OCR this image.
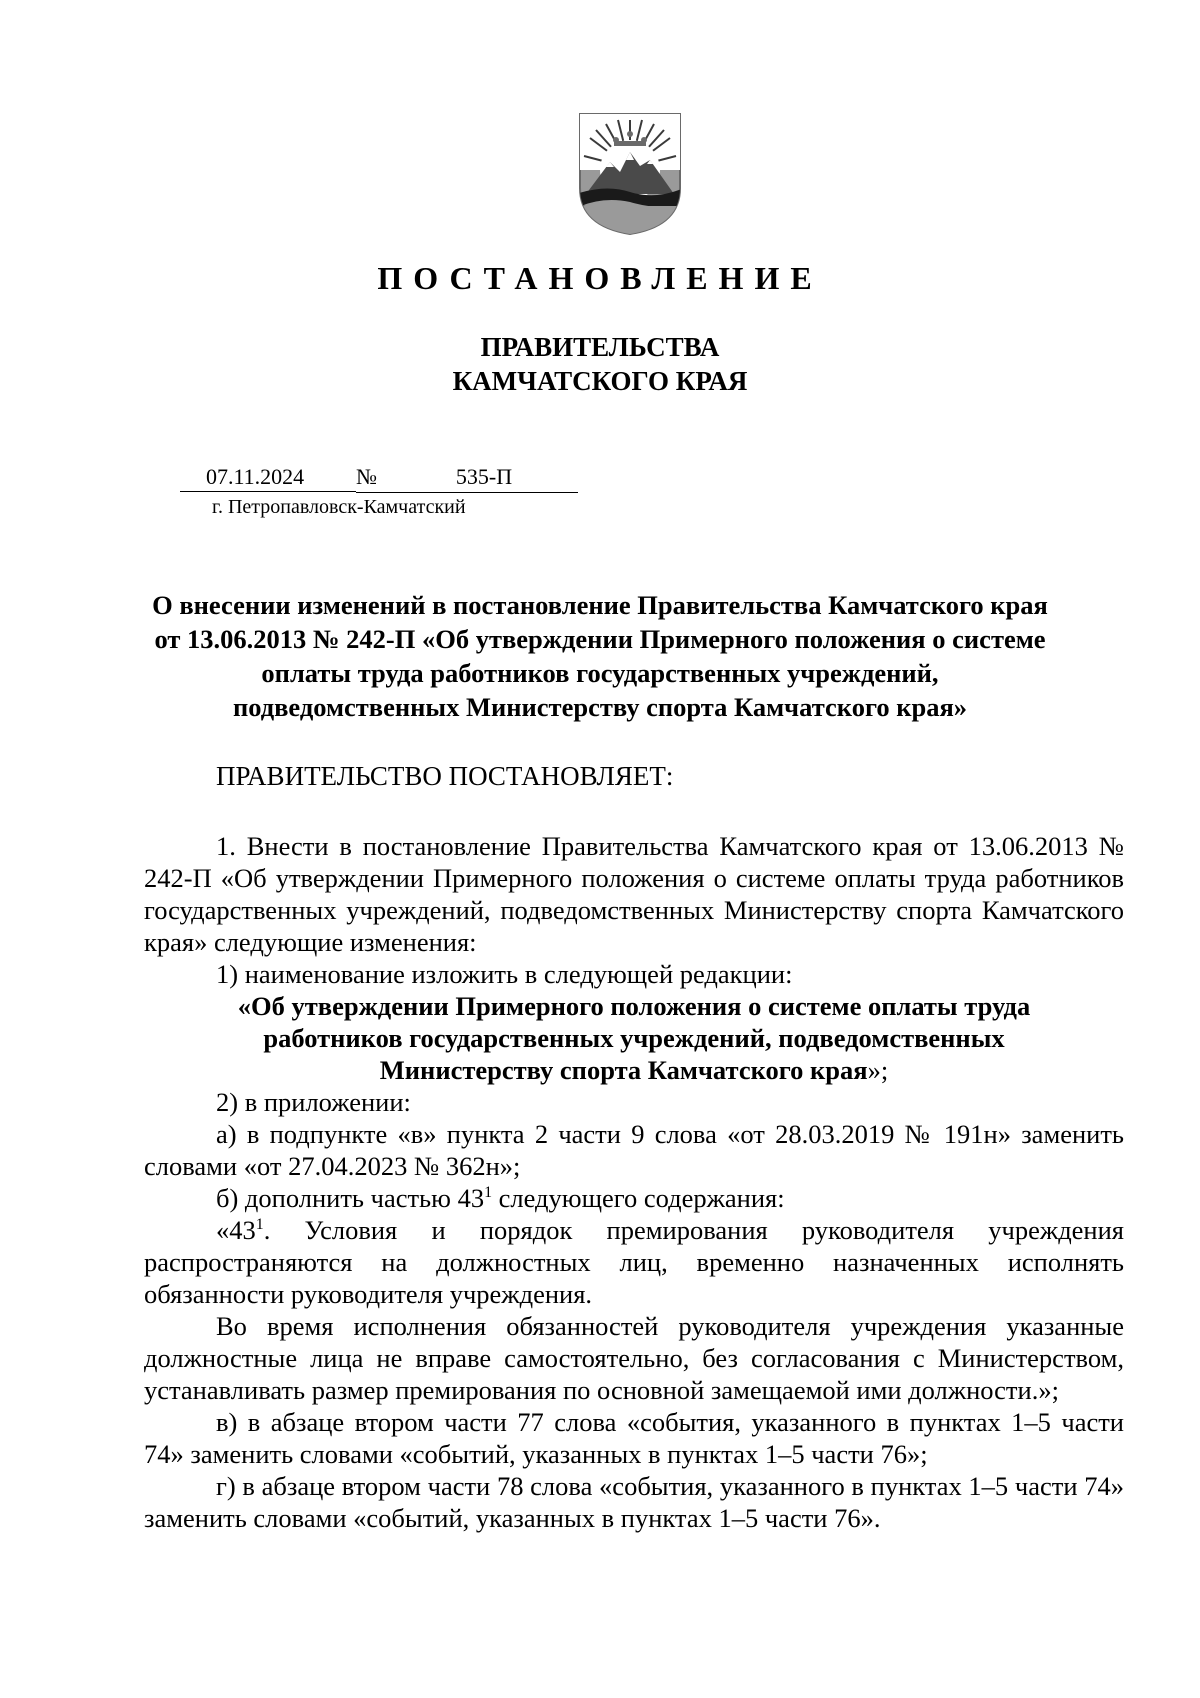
ПОСТАНОВЛЕНИЕ
ПРАВИТЕЛЬСТВА
КАМЧАТСКОГО КРАЯ
07.11.2024	№	535-П
г. Петропавловск-Камчатский
О внесении изменений в постановление Правительства Камчатского края
от 13.06.2013 № 242-П «Об утверждении Примерного положения о системе
оплаты труда работников государственных учреждений,
подведомственных Министерству спорта Камчатского края»
ПРАВИТЕЛЬСТВО ПОСТАНОВЛЯЕТ:

1. Внести в постановление Правительства Камчатского края от 13.06.2013 № 242-П «Об утверждении Примерного положения о системе оплаты труда работников государственных учреждений, подведомственных Министерству спорта Камчатского края» следующие изменения:

1) наименование изложить в следующей редакции:

«Об утверждении Примерного положения о системе оплаты труда
работников государственных учреждений, подведомственных
Министерству спорта Камчатского края»;

2) в приложении:

а) в подпункте «в» пункта 2 части 9 слова «от 28.03.2019 № 191н» заменить словами «от 27.04.2023 № 362н»;

б) дополнить частью $43^1$ следующего содержания:

«$43^1$. Условия и порядок премирования руководителя учреждения распространяются на должностных лиц, временно назначенных исполнять обязанности руководителя учреждения.

Во время исполнения обязанностей руководителя учреждения указанные должностные лица не вправе самостоятельно, без согласования с Министерством, устанавливать размер премирования по основной замещаемой ими должности.»;

в) в абзаце втором части 77 слова «события, указанного в пунктах 1–5 части 74» заменить словами «событий, указанных в пунктах 1–5 части 76»;

г) в абзаце втором части 78 слова «события, указанного в пунктах 1–5 части 74» заменить словами «событий, указанных в пунктах 1–5 части 76».
